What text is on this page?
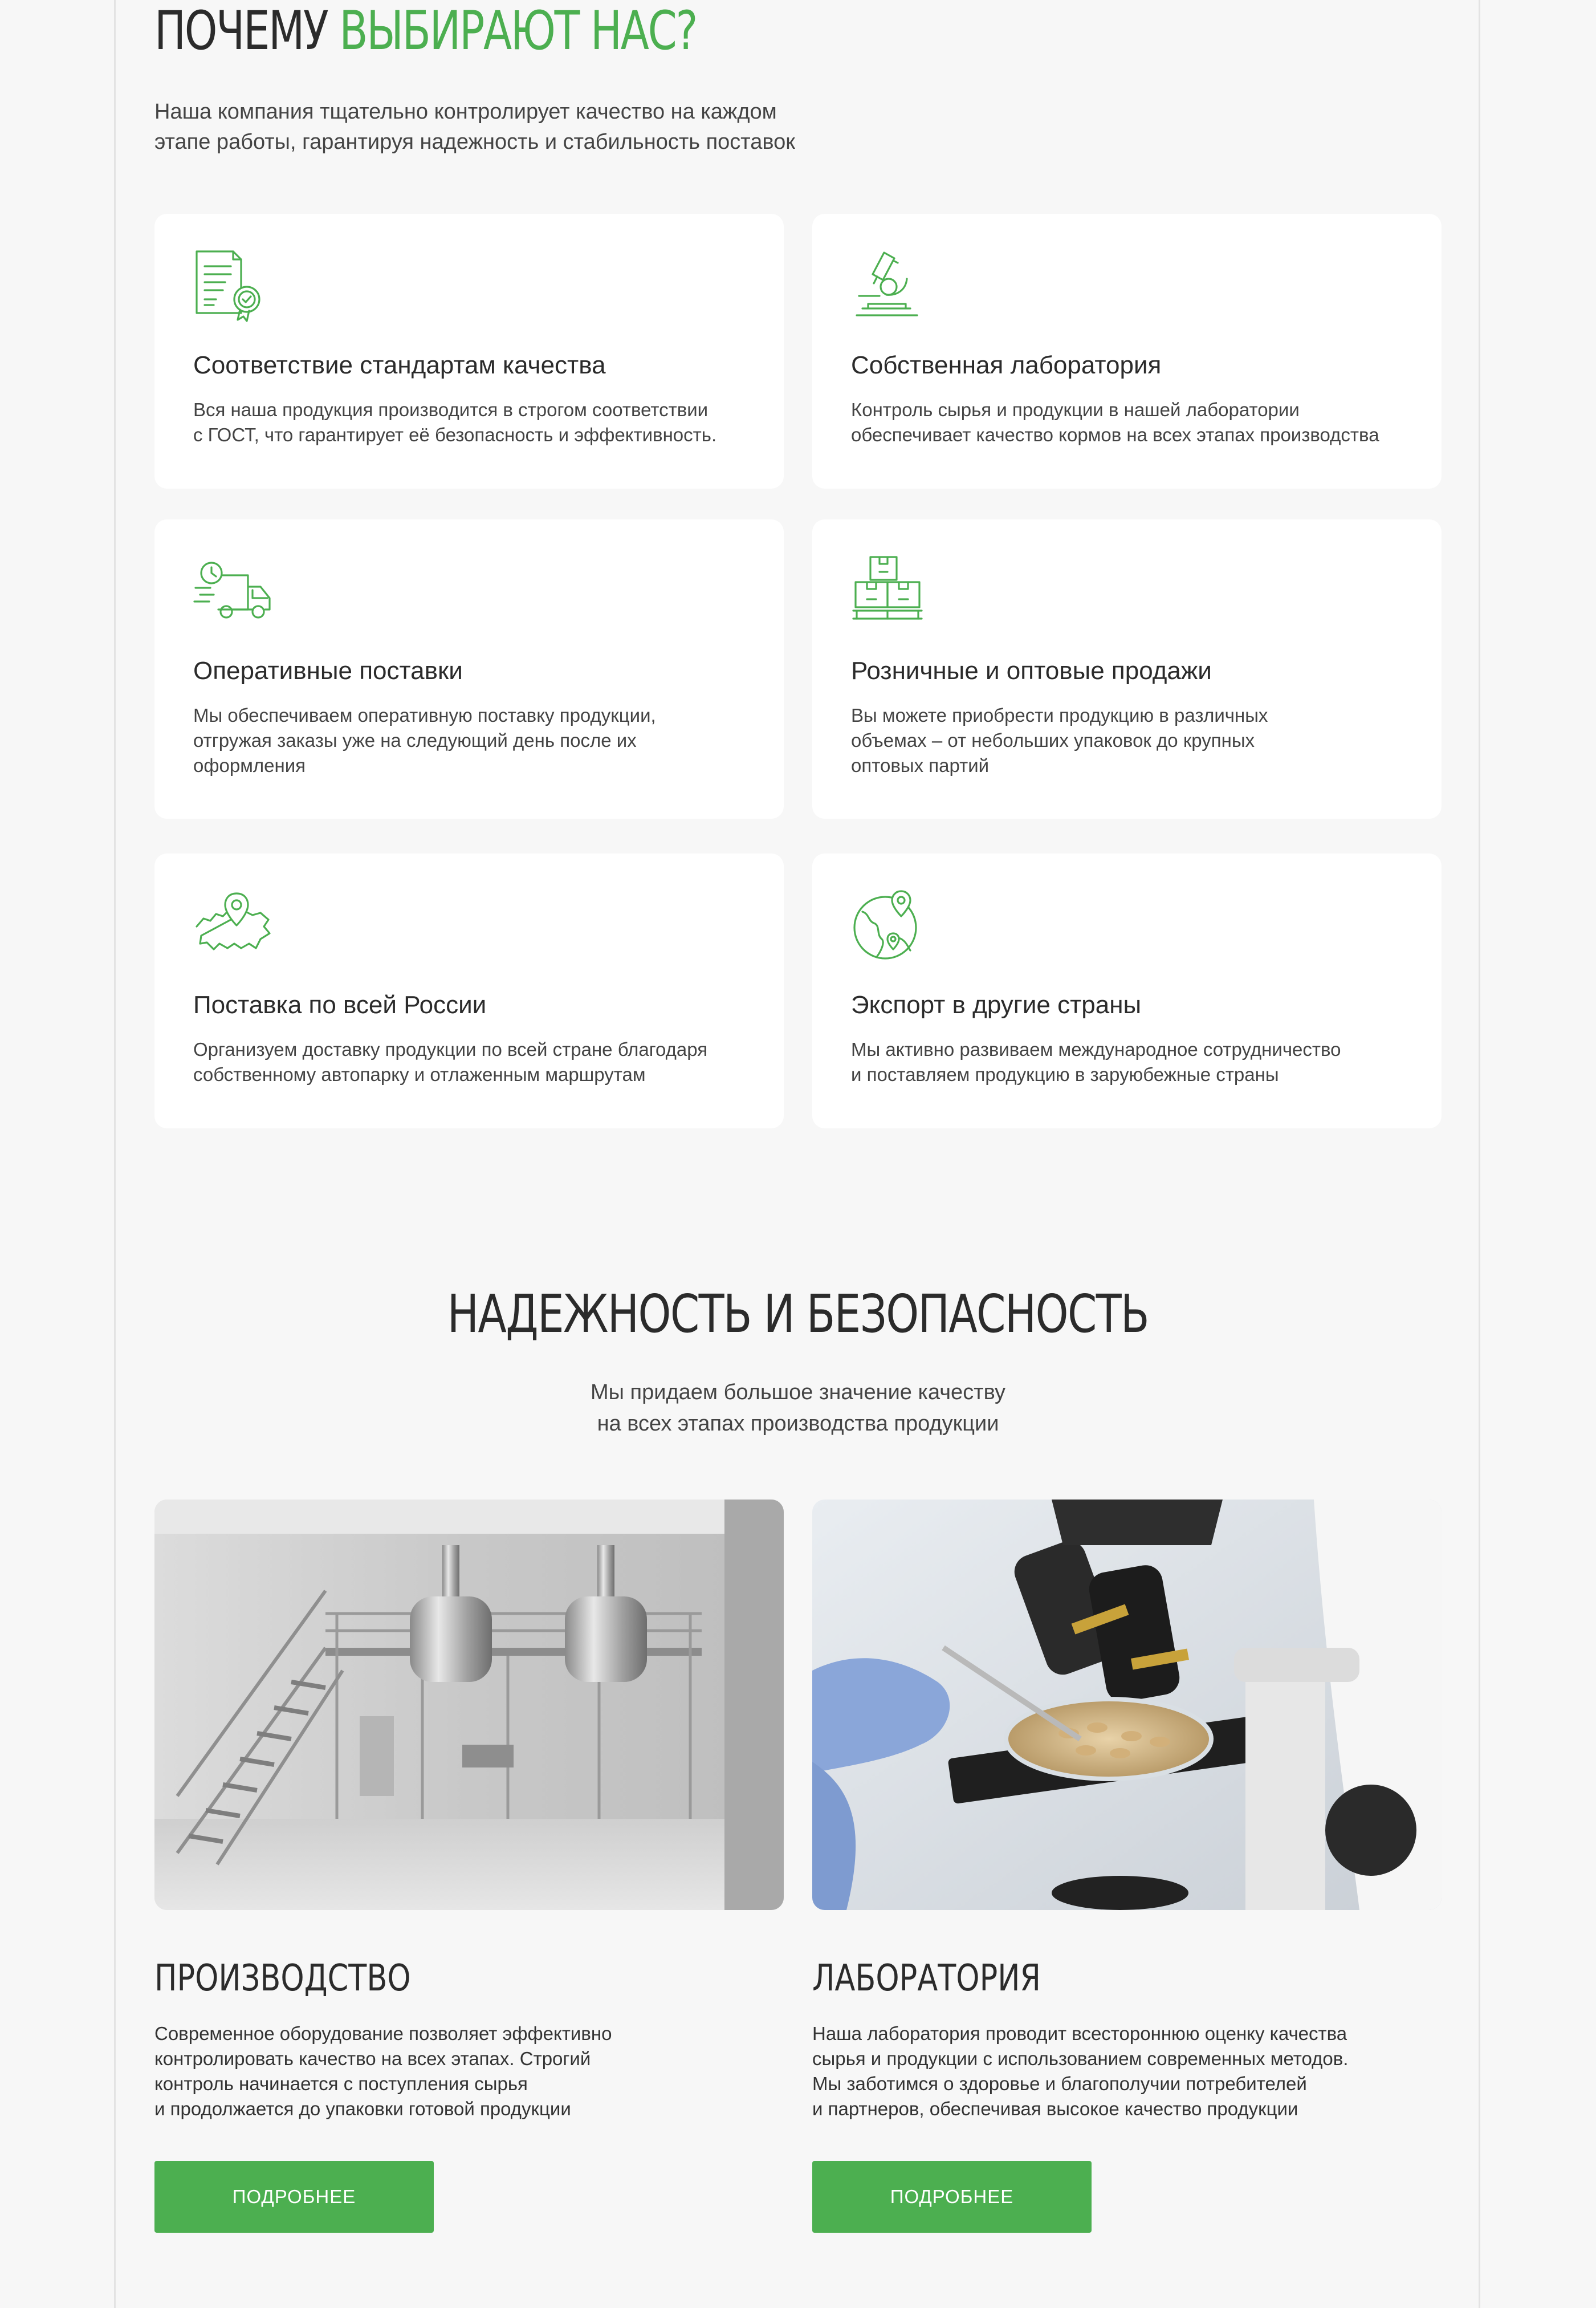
ПОЧЕМУ ВЫБИРАЮТ НАС?
Наша компания тщательно контролирует качество на каждом
этапе работы, гарантируя надежность и стабильность поставок
Соответствие стандартам качества
Вся наша продукция производится в строгом соответствии
с ГОСТ, что гарантирует её безопасность и эффективность.
Собственная лаборатория
Контроль сырья и продукции в нашей лаборатории
обеспечивает качество кормов на всех этапах производства
Оперативные поставки
Мы обеспечиваем оперативную поставку продукции,
отгружая заказы уже на следующий день после их
оформления
Розничные и оптовые продажи
Вы можете приобрести продукцию в различных
объемах – от небольших упаковок до крупных
оптовых партий
Поставка по всей России
Организуем доставку продукции по всей стране благодаря
собственному автопарку и отлаженным маршрутам
Экспорт в другие страны
Мы активно развиваем международное сотрудничество
и поставляем продукцию в заруюбежные страны
НАДЕЖНОСТЬ И БЕЗОПАСНОСТЬ
Мы придаем большое значение качеству
на всех этапах производства продукции
ПРОИЗВОДСТВО
Современное оборудование позволяет эффективно
контролировать качество на всех этапах. Строгий
контроль начинается с поступления сырья
и продолжается до упаковки готовой продукции
ПОДРОБНЕЕ
ЛАБОРАТОРИЯ
Наша лаборатория проводит всестороннюю оценку качества
сырья и продукции с использованием современных методов.
Мы заботимся о здоровье и благополучии потребителей
и партнеров, обеспечивая высокое качество продукции
ПОДРОБНЕЕ
